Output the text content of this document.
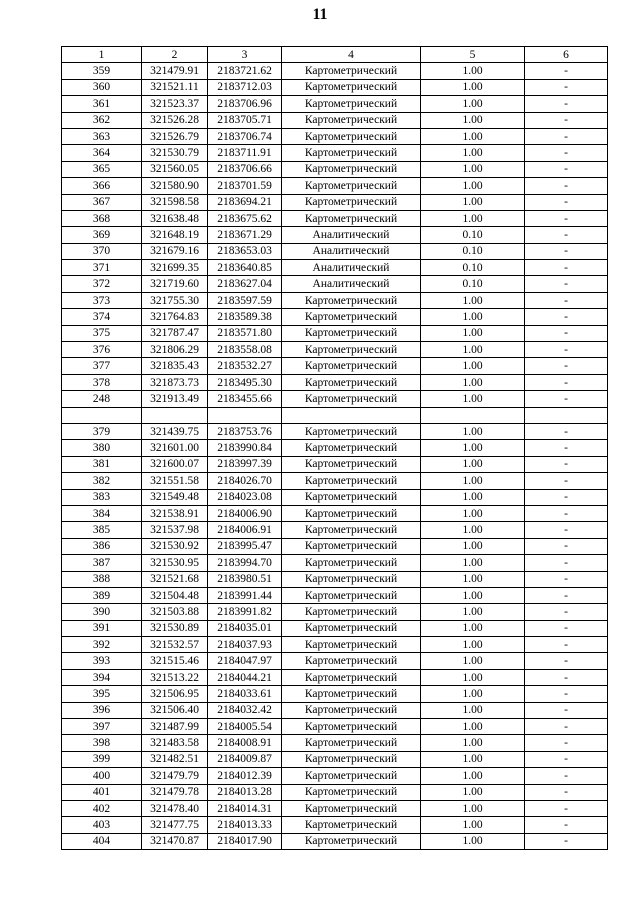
11
1	2	3	4	5	6
359	321479.91	2183721.62	Картометрический	1.00	-
360	321521.11	2183712.03	Картометрический	1.00	-
361	321523.37	2183706.96	Картометрический	1.00	-
362	321526.28	2183705.71	Картометрический	1.00	-
363	321526.79	2183706.74	Картометрический	1.00	-
364	321530.79	2183711.91	Картометрический	1.00	-
365	321560.05	2183706.66	Картометрический	1.00	-
366	321580.90	2183701.59	Картометрический	1.00	-
367	321598.58	2183694.21	Картометрический	1.00	-
368	321638.48	2183675.62	Картометрический	1.00	-
369	321648.19	2183671.29	Аналитический	0.10	-
370	321679.16	2183653.03	Аналитический	0.10	-
371	321699.35	2183640.85	Аналитический	0.10	-
372	321719.60	2183627.04	Аналитический	0.10	-
373	321755.30	2183597.59	Картометрический	1.00	-
374	321764.83	2183589.38	Картометрический	1.00	-
375	321787.47	2183571.80	Картометрический	1.00	-
376	321806.29	2183558.08	Картометрический	1.00	-
377	321835.43	2183532.27	Картометрический	1.00	-
378	321873.73	2183495.30	Картометрический	1.00	-
248	321913.49	2183455.66	Картометрический	1.00	-

379	321439.75	2183753.76	Картометрический	1.00	-
380	321601.00	2183990.84	Картометрический	1.00	-
381	321600.07	2183997.39	Картометрический	1.00	-
382	321551.58	2184026.70	Картометрический	1.00	-
383	321549.48	2184023.08	Картометрический	1.00	-
384	321538.91	2184006.90	Картометрический	1.00	-
385	321537.98	2184006.91	Картометрический	1.00	-
386	321530.92	2183995.47	Картометрический	1.00	-
387	321530.95	2183994.70	Картометрический	1.00	-
388	321521.68	2183980.51	Картометрический	1.00	-
389	321504.48	2183991.44	Картометрический	1.00	-
390	321503.88	2183991.82	Картометрический	1.00	-
391	321530.89	2184035.01	Картометрический	1.00	-
392	321532.57	2184037.93	Картометрический	1.00	-
393	321515.46	2184047.97	Картометрический	1.00	-
394	321513.22	2184044.21	Картометрический	1.00	-
395	321506.95	2184033.61	Картометрический	1.00	-
396	321506.40	2184032.42	Картометрический	1.00	-
397	321487.99	2184005.54	Картометрический	1.00	-
398	321483.58	2184008.91	Картометрический	1.00	-
399	321482.51	2184009.87	Картометрический	1.00	-
400	321479.79	2184012.39	Картометрический	1.00	-
401	321479.78	2184013.28	Картометрический	1.00	-
402	321478.40	2184014.31	Картометрический	1.00	-
403	321477.75	2184013.33	Картометрический	1.00	-
404	321470.87	2184017.90	Картометрический	1.00	-
